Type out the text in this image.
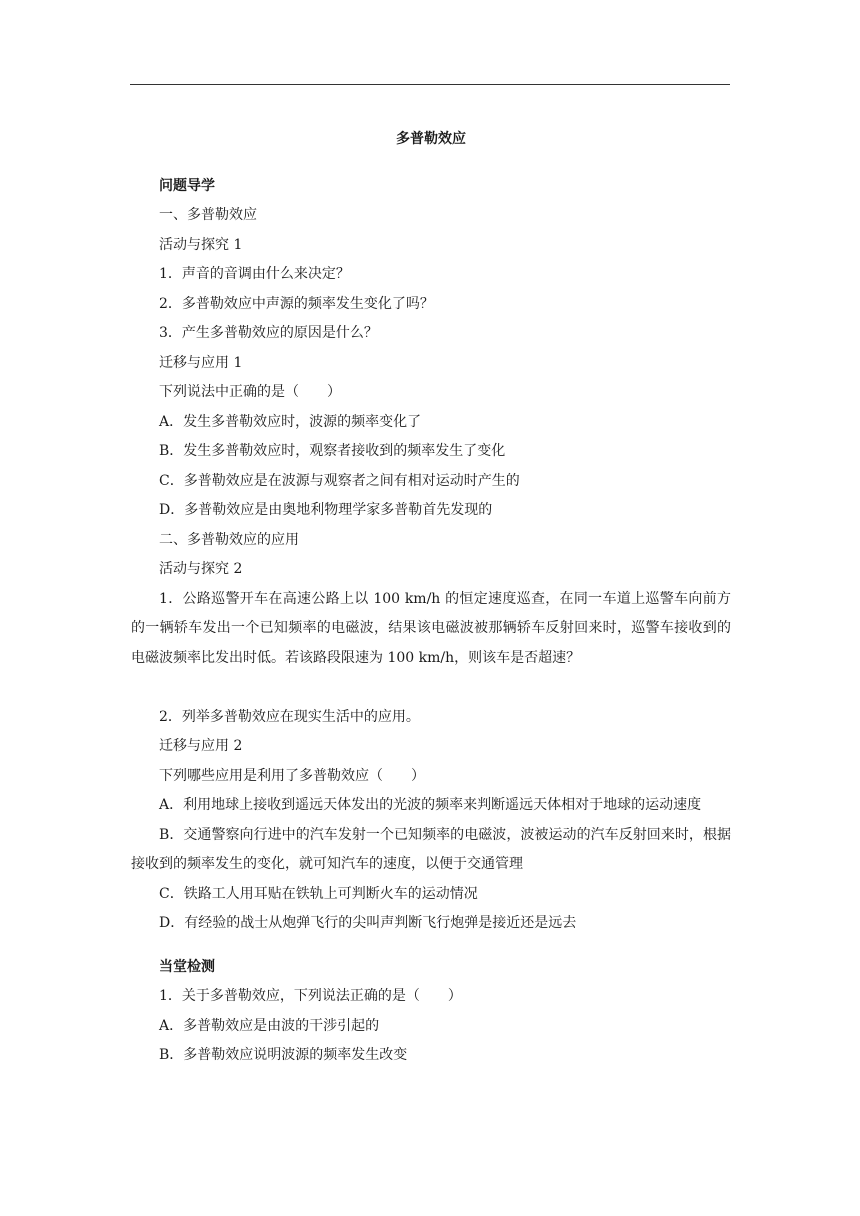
多普勒效应

问题导学

一、多普勒效应

活动与探究 1

1．声音的音调由什么来决定？

2．多普勒效应中声源的频率发生变化了吗？

3．产生多普勒效应的原因是什么？

迁移与应用 1

下列说法中正确的是（　　）

A．发生多普勒效应时，波源的频率变化了

B．发生多普勒效应时，观察者接收到的频率发生了变化

C．多普勒效应是在波源与观察者之间有相对运动时产生的

D．多普勒效应是由奥地利物理学家多普勒首先发现的

二、多普勒效应的应用

活动与探究 2

1．公路巡警开车在高速公路上以 100 km/h 的恒定速度巡查，在同一车道上巡警车向前方的一辆轿车发出一个已知频率的电磁波，结果该电磁波被那辆轿车反射回来时，巡警车接收到的电磁波频率比发出时低。若该路段限速为 100 km/h，则该车是否超速？

2．列举多普勒效应在现实生活中的应用。

迁移与应用 2

下列哪些应用是利用了多普勒效应（　　）

A．利用地球上接收到遥远天体发出的光波的频率来判断遥远天体相对于地球的运动速度

B．交通警察向行进中的汽车发射一个已知频率的电磁波，波被运动的汽车反射回来时，根据接收到的频率发生的变化，就可知汽车的速度，以便于交通管理

C．铁路工人用耳贴在铁轨上可判断火车的运动情况

D．有经验的战士从炮弹飞行的尖叫声判断飞行炮弹是接近还是远去

当堂检测

1．关于多普勒效应，下列说法正确的是（　　）

A．多普勒效应是由波的干涉引起的

B．多普勒效应说明波源的频率发生改变
